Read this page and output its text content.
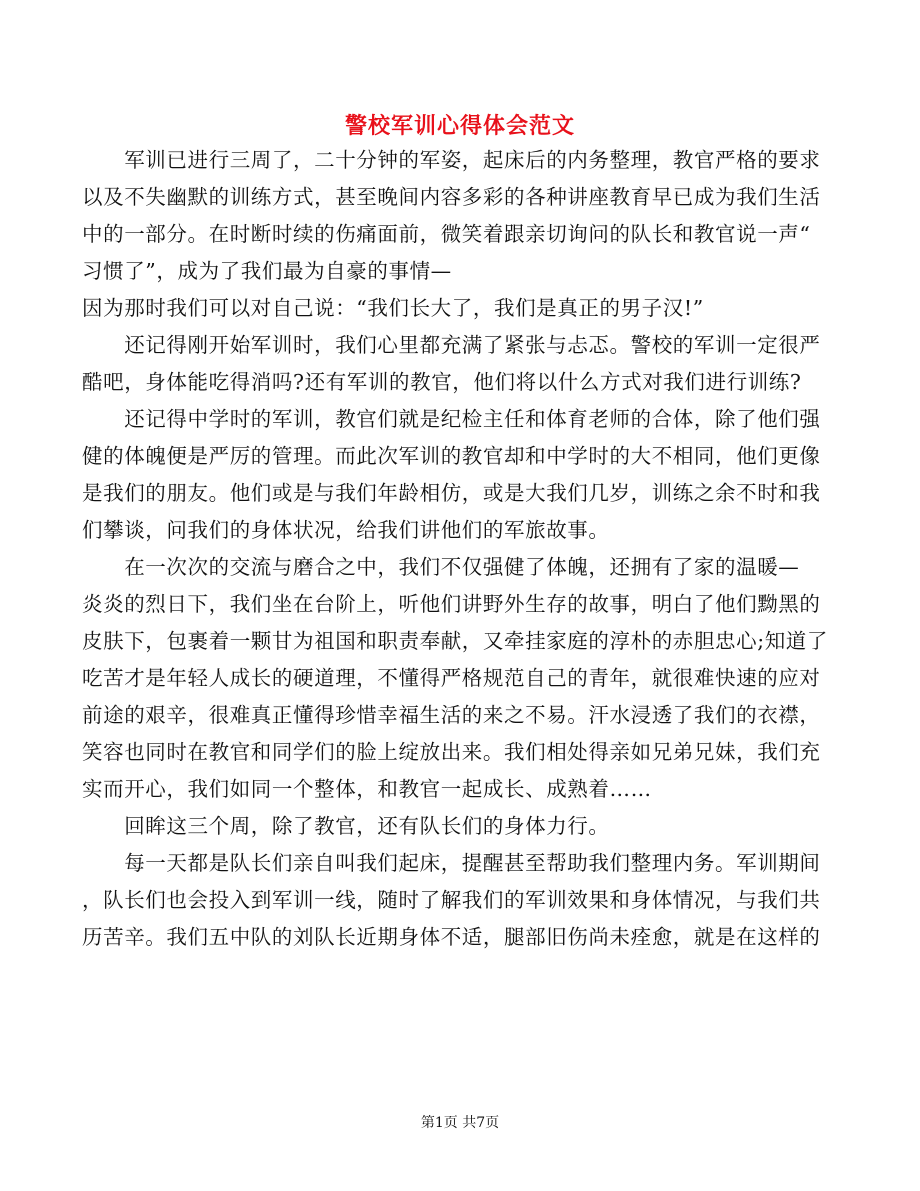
警校军训心得体会范文
　　军训已进行三周了，二十分钟的军姿，起床后的内务整理，教官严格的要求
以及不失幽默的训练方式，甚至晚间内容多彩的各种讲座教育早已成为我们生活
中的一部分。在时断时续的伤痛面前，微笑着跟亲切询问的队长和教官说一声“
习惯了”，成为了我们最为自豪的事情—
因为那时我们可以对自己说：“我们长大了，我们是真正的男子汉!”
　　还记得刚开始军训时，我们心里都充满了紧张与忐忑。警校的军训一定很严
酷吧，身体能吃得消吗?还有军训的教官，他们将以什么方式对我们进行训练?
　　还记得中学时的军训，教官们就是纪检主任和体育老师的合体，除了他们强
健的体魄便是严厉的管理。而此次军训的教官却和中学时的大不相同，他们更像
是我们的朋友。他们或是与我们年龄相仿，或是大我们几岁，训练之余不时和我
们攀谈，问我们的身体状况，给我们讲他们的军旅故事。
　　在一次次的交流与磨合之中，我们不仅强健了体魄，还拥有了家的温暖—
炎炎的烈日下，我们坐在台阶上，听他们讲野外生存的故事，明白了他们黝黑的
皮肤下，包裹着一颗甘为祖国和职责奉献，又牵挂家庭的淳朴的赤胆忠心;知道了
吃苦才是年轻人成长的硬道理，不懂得严格规范自己的青年，就很难快速的应对
前途的艰辛，很难真正懂得珍惜幸福生活的来之不易。汗水浸透了我们的衣襟，
笑容也同时在教官和同学们的脸上绽放出来。我们相处得亲如兄弟兄妹，我们充
实而开心，我们如同一个整体，和教官一起成长、成熟着……
　　回眸这三个周，除了教官，还有队长们的身体力行。
　　每一天都是队长们亲自叫我们起床，提醒甚至帮助我们整理内务。军训期间
，队长们也会投入到军训一线，随时了解我们的军训效果和身体情况，与我们共
历苦辛。我们五中队的刘队长近期身体不适，腿部旧伤尚未痊愈，就是在这样的
第1页 共7页
